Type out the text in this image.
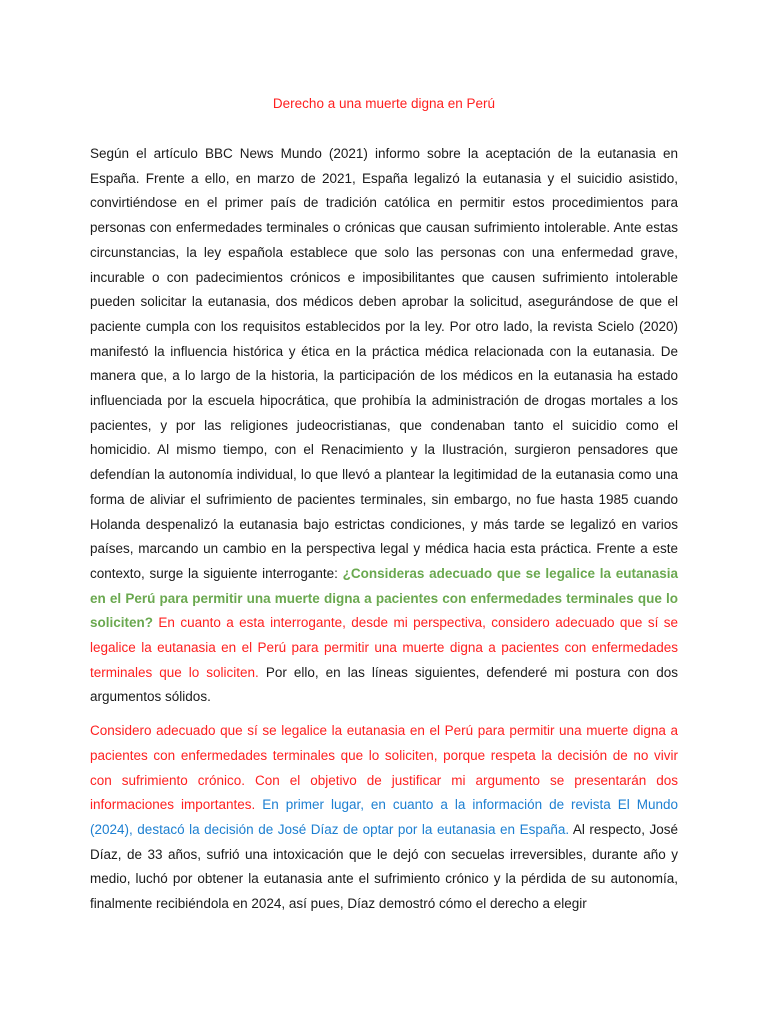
Derecho a una muerte digna en Perú

Según el artículo BBC News Mundo (2021) informo sobre la aceptación de la eutanasia en España. Frente a ello, en marzo de 2021, España legalizó la eutanasia y el suicidio asistido, convirtiéndose en el primer país de tradición católica en permitir estos procedimientos para personas con enfermedades terminales o crónicas que causan sufrimiento intolerable. Ante estas circunstancias, la ley española establece que solo las personas con una enfermedad grave, incurable o con padecimientos crónicos e imposibilitantes que causen sufrimiento intolerable pueden solicitar la eutanasia, dos médicos deben aprobar la solicitud, asegurándose de que el paciente cumpla con los requisitos establecidos por la ley. Por otro lado, la revista Scielo (2020) manifestó la influencia histórica y ética en la práctica médica relacionada con la eutanasia. De manera que, a lo largo de la historia, la participación de los médicos en la eutanasia ha estado influenciada por la escuela hipocrática, que prohibía la administración de drogas mortales a los pacientes, y por las religiones judeocristianas, que condenaban tanto el suicidio como el homicidio. Al mismo tiempo, con el Renacimiento y la Ilustración, surgieron pensadores que defendían la autonomía individual, lo que llevó a plantear la legitimidad de la eutanasia como una forma de aliviar el sufrimiento de pacientes terminales, sin embargo, no fue hasta 1985 cuando Holanda despenalizó la eutanasia bajo estrictas condiciones, y más tarde se legalizó en varios países, marcando un cambio en la perspectiva legal y médica hacia esta práctica. Frente a este contexto, surge la siguiente interrogante: ¿Consideras adecuado que se legalice la eutanasia en el Perú para permitir una muerte digna a pacientes con enfermedades terminales que lo soliciten? En cuanto a esta interrogante, desde mi perspectiva, considero adecuado que sí se legalice la eutanasia en el Perú para permitir una muerte digna a pacientes con enfermedades terminales que lo soliciten. Por ello, en las líneas siguientes, defenderé mi postura con dos argumentos sólidos.

Considero adecuado que sí se legalice la eutanasia en el Perú para permitir una muerte digna a pacientes con enfermedades terminales que lo soliciten, porque respeta la decisión de no vivir con sufrimiento crónico. Con el objetivo de justificar mi argumento se presentarán dos informaciones importantes. En primer lugar, en cuanto a la información de revista El Mundo (2024), destacó la decisión de José Díaz de optar por la eutanasia en España. Al respecto, José Díaz, de 33 años, sufrió una intoxicación que le dejó con secuelas irreversibles, durante año y medio, luchó por obtener la eutanasia ante el sufrimiento crónico y la pérdida de su autonomía, finalmente recibiéndola en 2024, así pues, Díaz demostró cómo el derecho a elegir
